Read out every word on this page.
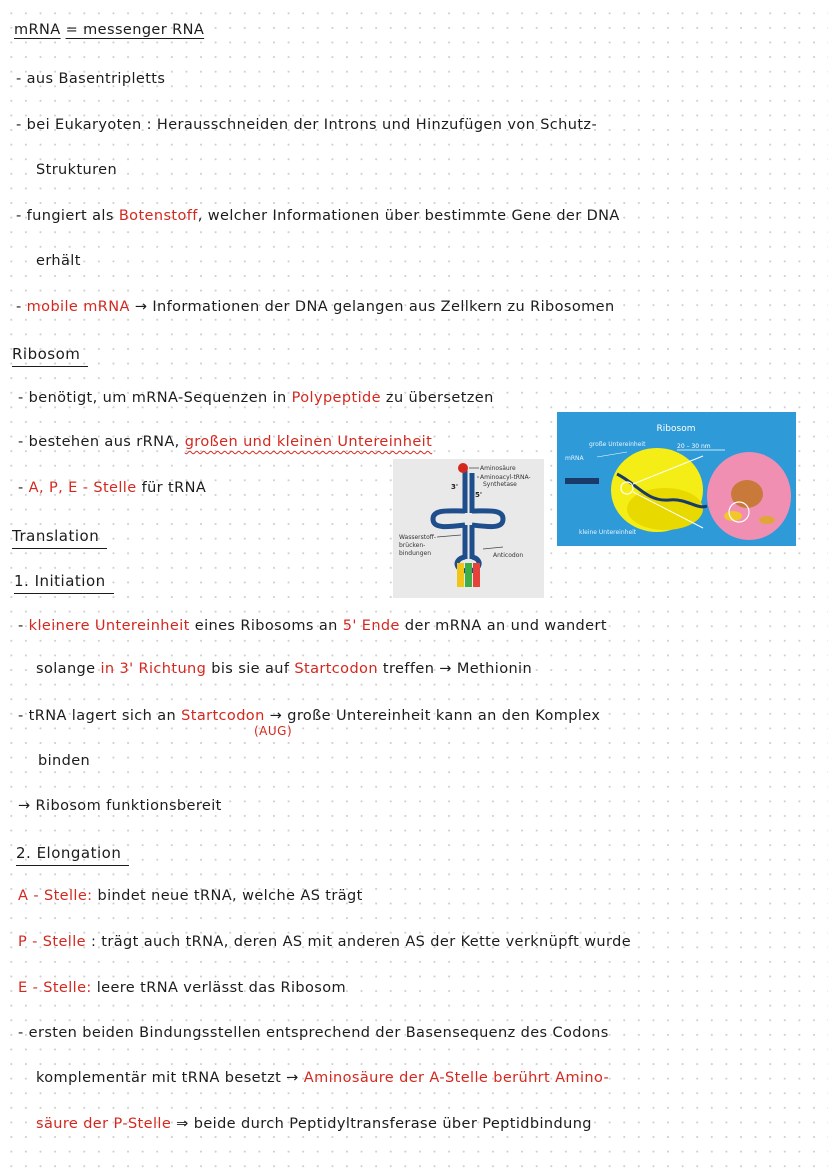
mRNA = messenger RNA
- aus Basentripletts
- bei Eukaryoten : Herausschneiden der Introns und Hinzufügen von Schutz-
Strukturen
- fungiert als Botenstoff, welcher Informationen über bestimmte Gene der DNA
erhält
- mobile mRNA → Informationen der DNA gelangen aus Zellkern zu Ribosomen
Ribosom
- benötigt, um mRNA-Sequenzen in Polypeptide zu übersetzen
- bestehen aus rRNA, großen und kleinen Untereinheit
- A, P, E - Stelle für tRNA
Aminosäure
Aminoacyl-tRNA-
Synthetase
3'
5'
Wasserstoff-
brücken-
bindungen	Anticodon
Ribosom
große Untereinheit	20 – 30 nm
mRNA
kleine Untereinheit
Translation
1. Initiation
- kleinere Untereinheit eines Ribosoms an 5' Ende der mRNA an und wandert
solange in 3' Richtung bis sie auf Startcodon treffen → Methionin
- tRNA lagert sich an Startcodon → große Untereinheit kann an den Komplex
(AUG)
binden
→ Ribosom funktionsbereit
2. Elongation
A - Stelle: bindet neue tRNA, welche AS trägt
P - Stelle : trägt auch tRNA, deren AS mit anderen AS der Kette verknüpft wurde
E - Stelle: leere tRNA verlässt das Ribosom
- ersten beiden Bindungsstellen entsprechend der Basensequenz des Codons
komplementär mit tRNA besetzt → Aminosäure der A-Stelle berührt Amino-
säure der P-Stelle ⇒ beide durch Peptidyltransferase über Peptidbindung
